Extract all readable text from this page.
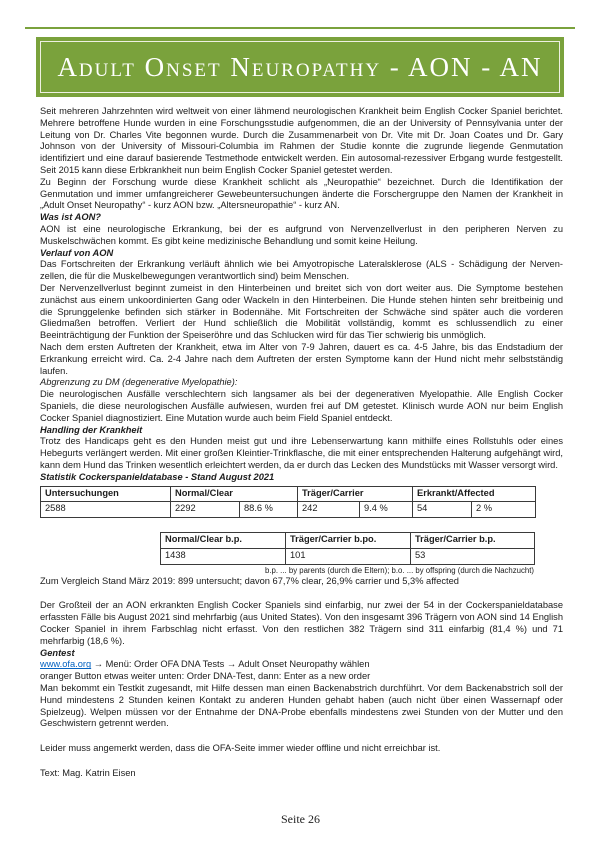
Adult Onset Neuropathy - AON - AN

Seit mehreren Jahrzehnten wird weltweit von einer lähmend neurologischen Krankheit beim English Cocker Spaniel berichtet. Mehrere betroffene Hunde wurden in eine Forschungsstudie aufgenommen, die an der University of Pennsylvania unter der Leitung von Dr. Charles Vite begonnen wurde. Durch die Zusammenarbeit von Dr. Vite mit Dr. Joan Coates und Dr. Gary Johnson von der University of Missouri-Columbia im Rahmen der Studie konnte die zugrunde liegende Genmutation identifiziert und eine darauf basierende Testmethode entwickelt werden. Ein autosomal-rezessiver Erbgang wurde festgestellt. Seit 2015 kann diese Erbkrankheit nun beim English Cocker Spaniel getestet werden.

Zu Beginn der Forschung wurde diese Krankheit schlicht als „Neuropathie“ bezeichnet. Durch die Identifikation der Genmutation und immer umfangreicherer Gewebeuntersuchungen änderte die Forschergruppe den Namen der Krankheit in „Adult Onset Neuropathy“ - kurz AON bzw. „Altersneuropathie“ - kurz AN.

Was ist AON?

AON ist eine neurologische Erkrankung, bei der es aufgrund von Nervenzellverlust in den peripheren Nerven zu Muskelschwächen kommt. Es gibt keine medizinische Behandlung und somit keine Heilung.

Verlauf von AON

Das Fortschreiten der Erkrankung verläuft ähnlich wie bei Amyotropische Lateralsklerose (ALS - Schädigung der Nerven-zellen, die für die Muskelbewegungen verantwortlich sind) beim Menschen.

Der Nervenzellverlust beginnt zumeist in den Hinterbeinen und breitet sich von dort weiter aus. Die Symptome bestehen zunächst aus einem unkoordinierten Gang oder Wackeln in den Hinterbeinen. Die Hunde stehen hinten sehr breitbeinig und die Sprunggelenke befinden sich stärker in Bodennähe. Mit Fortschreiten der Schwäche sind später auch die vorderen Gliedmaßen betroffen. Verliert der Hund schließlich die Mobilität vollständig, kommt es schlussendlich zu einer Beeinträchtigung der Funktion der Speiseröhre und das Schlucken wird für das Tier schwierig bis unmöglich.

Nach dem ersten Auftreten der Krankheit, etwa im Alter von 7-9 Jahren, dauert es ca. 4-5 Jahre, bis das Endstadium der Erkrankung erreicht wird. Ca. 2-4 Jahre nach dem Auftreten der ersten Symptome kann der Hund nicht mehr selbstständig laufen.

Abgrenzung zu DM (degenerative Myelopathie):

Die neurologischen Ausfälle verschlechtern sich langsamer als bei der degenerativen Myelopathie. Alle English Cocker Spaniels, die diese neurologischen Ausfälle aufwiesen, wurden frei auf DM getestet. Klinisch wurde AON nur beim English Cocker Spaniel diagnostiziert. Eine Mutation wurde auch beim Field Spaniel entdeckt.

Handling der Krankheit

Trotz des Handicaps geht es den Hunden meist gut und ihre Lebenserwartung kann mithilfe eines Rollstuhls oder eines Hebegurts verlängert werden. Mit einer großen Kleintier-Trinkflasche, die mit einer entsprechenden Halterung aufgehängt wird, kann dem Hund das Trinken wesentlich erleichtert werden, da er durch das Lecken des Mundstücks mit Wasser versorgt wird.

Statistik Cockerspanieldatabase - Stand August 2021

Untersuchungen	Normal/Clear		Träger/Carrier		Erkrankt/Affected	
2588	2292	88.6 %	242	9.4 %	54	2 %
Normal/Clear b.p.	Träger/Carrier b.po.	Träger/Carrier b.p.
1438	101	53
b.p. ... by parents (durch die Eltern); b.o. ... by offspring (durch die Nachzucht)

Zum Vergleich Stand März 2019: 899 untersucht; davon 67,7% clear, 26,9% carrier und 5,3% affected

Der Großteil der an AON erkrankten English Cocker Spaniels sind einfarbig, nur zwei der 54 in der Cockerspanieldatabase erfassten Fälle bis August 2021 sind mehrfarbig (aus United States). Von den insgesamt 396 Trägern von AON sind 14 English Cocker Spaniel in ihrem Farbschlag nicht erfasst. Von den restlichen 382 Trägern sind 311 einfarbig (81,4 %) und 71 mehrfarbig (18,6 %).

Gentest

www.ofa.org → Menü: Order OFA DNA Tests → Adult Onset Neuropathy wählen

oranger Button etwas weiter unten: Order DNA-Test, dann: Enter as a new order

Man bekommt ein Testkit zugesandt, mit Hilfe dessen man einen Backenabstrich durchführt. Vor dem Backenabstrich soll der Hund mindestens 2 Stunden keinen Kontakt zu anderen Hunden gehabt haben (auch nicht über einen Wassernapf oder Spielzeug). Welpen müssen vor der Entnahme der DNA-Probe ebenfalls mindestens zwei Stunden von der Mutter und den Geschwistern getrennt werden.

Leider muss angemerkt werden, dass die OFA-Seite immer wieder offline und nicht erreichbar ist.

Text: Mag. Katrin Eisen

Seite 26
